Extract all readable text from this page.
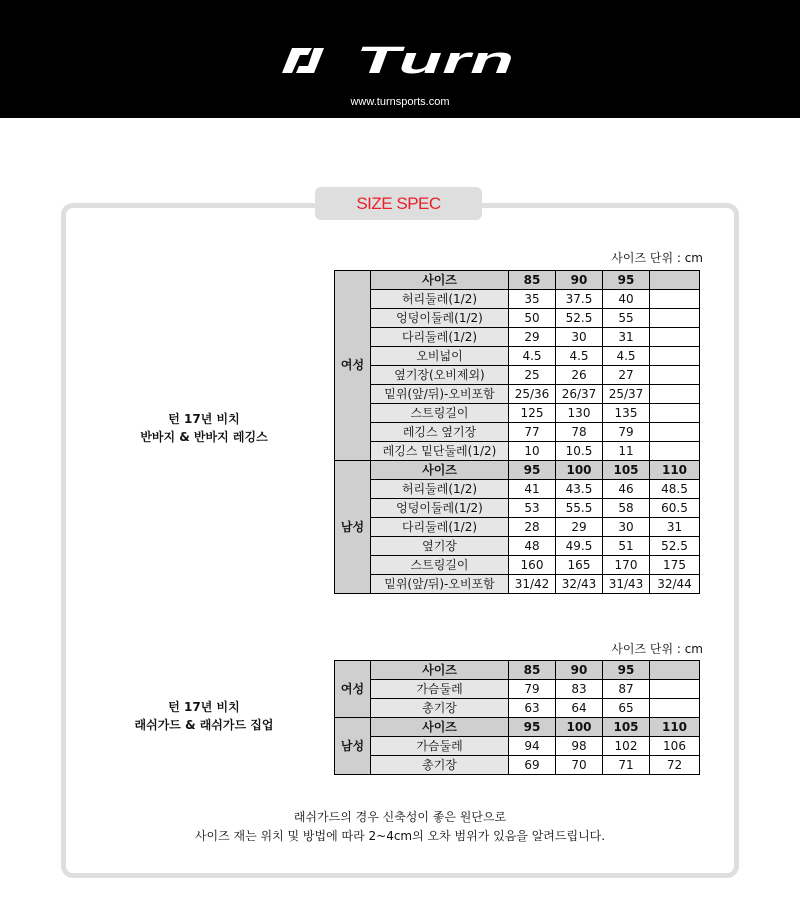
Turn
www.turnsports.com
SIZE SPEC
사이즈 단위 : cm
턴 17년 비치
반바지 & 반바지 레깅스
여성	사이즈	85	90	95	
	허리둘레(1/2)	35	37.5	40	
	엉덩이둘레(1/2)	50	52.5	55	
	다리둘레(1/2)	29	30	31	
	오비넓이	4.5	4.5	4.5	
	옆기장(오비제외)	25	26	27	
	밑위(앞/뒤)-오비포함	25/36	26/37	25/37	
	스트링길이	125	130	135	
	레깅스 옆기장	77	78	79	
	레깅스 밑단둘레(1/2)	10	10.5	11	
남성	사이즈	95	100	105	110
	허리둘레(1/2)	41	43.5	46	48.5
	엉덩이둘레(1/2)	53	55.5	58	60.5
	다리둘레(1/2)	28	29	30	31
	옆기장	48	49.5	51	52.5
	스트링길이	160	165	170	175
	밑위(앞/뒤)-오비포함	31/42	32/43	31/43	32/44
사이즈 단위 : cm
턴 17년 비치
래쉬가드 & 래쉬가드 집업
여성	사이즈	85	90	95	
	가슴둘레	79	83	87	
	총기장	63	64	65	
남성	사이즈	95	100	105	110
	가슴둘레	94	98	102	106
	총기장	69	70	71	72
래쉬가드의 경우 신축성이 좋은 원단으로
사이즈 재는 위치 및 방법에 따라 2~4cm의 오차 범위가 있음을 알려드립니다.
